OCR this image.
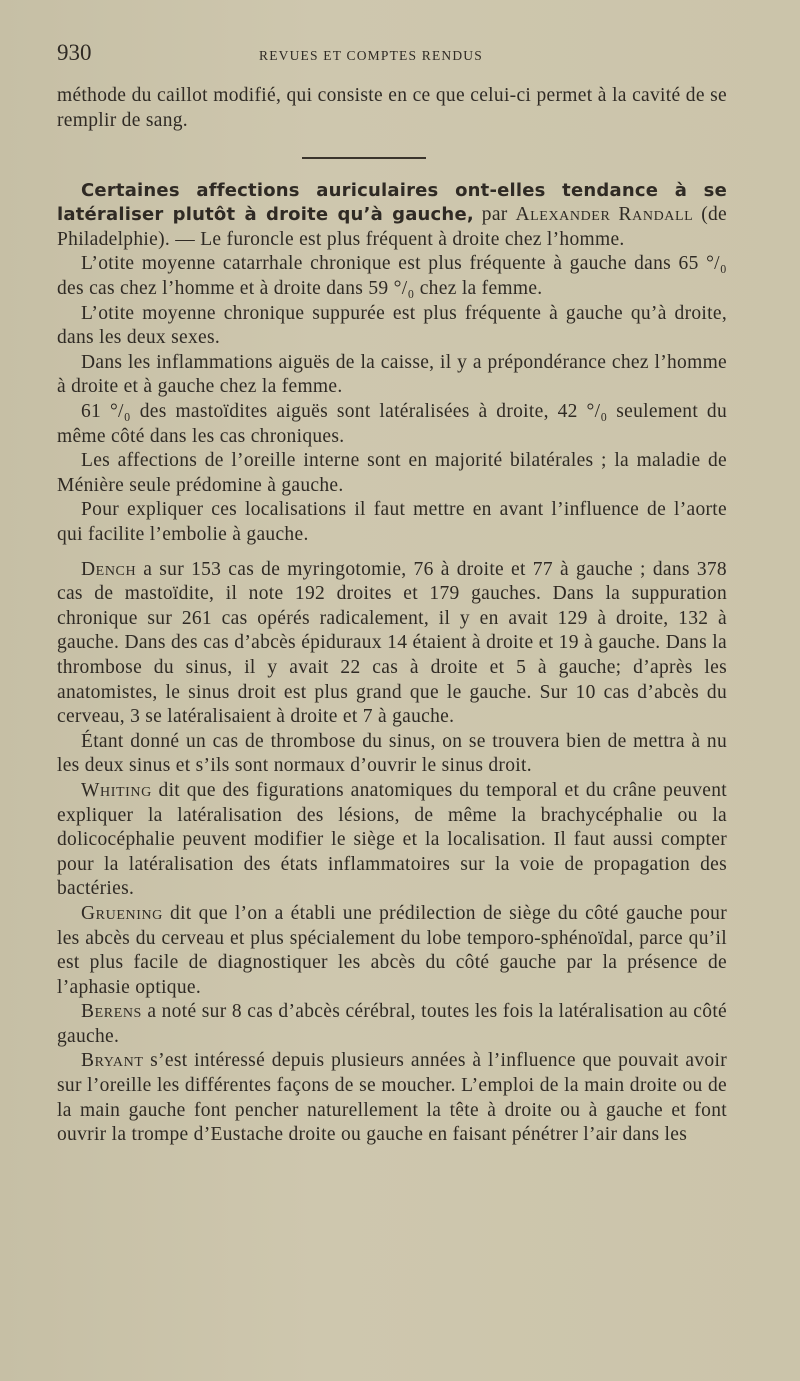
930	REVUES ET COMPTES RENDUS

méthode du caillot modifié, qui consiste en ce que celui-ci permet à la cavité de se remplir de sang.

Certaines affections auriculaires ont-elles tendance à se latéraliser plutôt à droite qu’à gauche, par Alexander Randall (de Philadelphie). — Le furoncle est plus fréquent à droite chez l’homme.

L’otite moyenne catarrhale chronique est plus fréquente à gauche dans 65 °/₀ des cas chez l’homme et à droite dans 59 °/₀ chez la femme.

L’otite moyenne chronique suppurée est plus fréquente à gauche qu’à droite, dans les deux sexes.

Dans les inflammations aiguës de la caisse, il y a prépondérance chez l’homme à droite et à gauche chez la femme.

61 °/₀ des mastoïdites aiguës sont latéralisées à droite, 42 °/₀ seulement du même côté dans les cas chroniques.

Les affections de l’oreille interne sont en majorité bilatérales ; la maladie de Ménière seule prédomine à gauche.

Pour expliquer ces localisations il faut mettre en avant l’influence de l’aorte qui facilite l’embolie à gauche.

Dench a sur 153 cas de myringotomie, 76 à droite et 77 à gauche ; dans 378 cas de mastoïdite, il note 192 droites et 179 gauches. Dans la suppuration chronique sur 261 cas opérés radicalement, il y en avait 129 à droite, 132 à gauche. Dans des cas d’abcès épiduraux 14 étaient à droite et 19 à gauche. Dans la thrombose du sinus, il y avait 22 cas à droite et 5 à gauche; d’après les anatomistes, le sinus droit est plus grand que le gauche. Sur 10 cas d’abcès du cerveau, 3 se latéralisaient à droite et 7 à gauche.

Étant donné un cas de thrombose du sinus, on se trouvera bien de mettra à nu les deux sinus et s’ils sont normaux d’ouvrir le sinus droit.

Whiting dit que des figurations anatomiques du temporal et du crâne peuvent expliquer la latéralisation des lésions, de même la brachycéphalie ou la dolicocéphalie peuvent modifier le siège et la localisation. Il faut aussi compter pour la latéralisation des états inflammatoires sur la voie de propagation des bactéries.

Gruening dit que l’on a établi une prédilection de siège du côté gauche pour les abcès du cerveau et plus spécialement du lobe temporo-sphénoïdal, parce qu’il est plus facile de diagnostiquer les abcès du côté gauche par la présence de l’aphasie optique.

Berens a noté sur 8 cas d’abcès cérébral, toutes les fois la latéralisation au côté gauche.

Bryant s’est intéressé depuis plusieurs années à l’influence que pouvait avoir sur l’oreille les différentes façons de se moucher. L’emploi de la main droite ou de la main gauche font pencher naturellement la tête à droite ou à gauche et font ouvrir la trompe d’Eustache droite ou gauche en faisant pénétrer l’air dans les
